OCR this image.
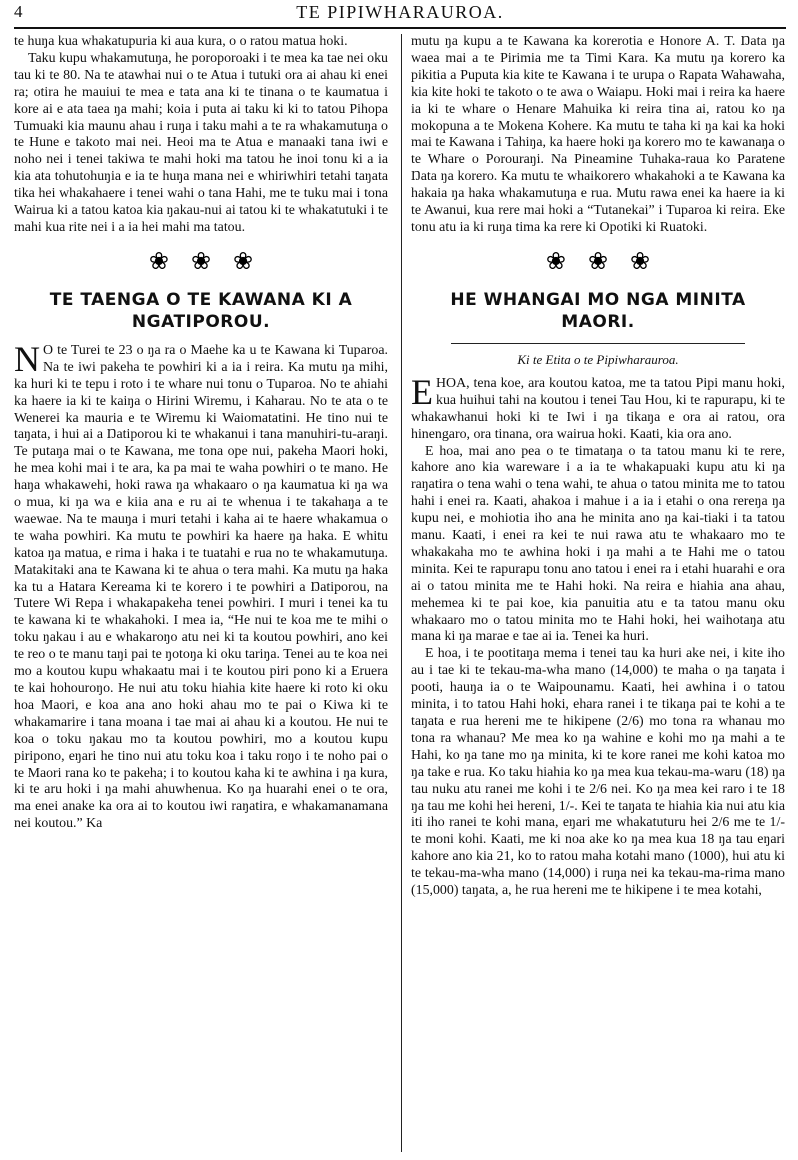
4	TE PIPIWHARAUROA.

te huŋa kua whakatupuria ki aua kura, o o ratou matua hoki.

Taku kupu whakamutuŋa, he poroporoaki i te mea ka tae nei oku tau ki te 80. Na te atawhai nui o te Atua i tutuki ora ai ahau ki enei ra; otira he mauiui te mea e tata ana ki te tinana o te kaumatua i kore ai e ata taea ŋa mahi; koia i puta ai taku ki ki to tatou Pihopa Tumuaki kia maunu ahau i ruŋa i taku mahi a te ra whakamutuŋa o te Hune e takoto mai nei. Heoi ma te Atua e manaaki tana iwi e noho nei i tenei takiwa te mahi hoki ma tatou he inoi tonu ki a ia kia ata tohutohuŋia e ia te huŋa mana nei e whiriwhiri tetahi taŋata tika hei whakahaere i tenei wahi o tana Hahi, me te tuku mai i tona Wairua ki a tatou katoa kia ŋakau-nui ai tatou ki te whakatutuki i te mahi kua rite nei i a ia hei mahi ma tatou.

❀❀❀
TE TAENGA O TE KAWANA KI A NGATIPOROU.

N O te Turei te 23 o ŋa ra o Maehe ka u te Kawana ki Tuparoa. Na te iwi pakeha te powhiri ki a ia i reira. Ka mutu ŋa mihi, ka huri ki te tepu i roto i te whare nui tonu o Tuparoa. No te ahiahi ka haere ia ki te kaiŋa o Hirini Wiremu, i Kaharau. No te ata o te Wenerei ka mauria e te Wiremu ki Waiomatatini. He tino nui te taŋata, i hui ai a Ŋatiporou ki te whakanui i tana manuhiri-tu-araŋi. Te putaŋa mai o te Kawana, me tona ope nui, pakeha Maori hoki, he mea kohi mai i te ara, ka pa mai te waha powhiri o te mano. He haŋa whakawehi, hoki rawa ŋa whakaaro o ŋa kaumatua ki ŋa wa o mua, ki ŋa wa e kiia ana e ru ai te whenua i te takahaŋa a te waewae. Na te mauŋa i muri tetahi i kaha ai te haere whakamua o te waha powhiri. Ka mutu te powhiri ka haere ŋa haka. E whitu katoa ŋa matua, e rima i haka i te tuatahi e rua no te whakamutuŋa. Matakitaki ana te Kawana ki te ahua o tera mahi. Ka mutu ŋa haka ka tu a Hatara Kereama ki te korero i te powhiri a Ŋatiporou, na Tutere Wi Repa i whakapakeha tenei powhiri. I muri i tenei ka tu te kawana ki te whakahoki. I mea ia, “He nui te koa me te mihi o toku ŋakau i au e whakaroŋo atu nei ki ta koutou powhiri, ano kei te reo o te manu taŋi pai te ŋotoŋa ki oku tariŋa. Tenei au te koa nei mo a koutou kupu whakaatu mai i te koutou piri pono ki a Eruera te kai hohouroŋo. He nui atu toku hiahia kite haere ki roto ki oku hoa Maori, e koa ana ano hoki ahau mo te pai o Kiwa ki te whakamarire i tana moana i tae mai ai ahau ki a koutou. He nui te koa o toku ŋakau mo ta koutou powhiri, mo a koutou kupu piripono, eŋari he tino nui atu toku koa i taku roŋo i te noho pai o te Maori rana ko te pakeha; i to koutou kaha ki te awhina i ŋa kura, ki te aru hoki i ŋa mahi ahuwhenua. Ko ŋa huarahi enei o te ora, ma enei anake ka ora ai to koutou iwi raŋatira, e whakamanamana nei koutou.” Ka

mutu ŋa kupu a te Kawana ka korerotia e Honore A. T. Ŋata ŋa waea mai a te Pirimia me ta Timi Kara. Ka mutu ŋa korero ka pikitia a Puputa kia kite te Kawana i te urupa o Rapata Wahawaha, kia kite hoki te takoto o te awa o Waiapu. Hoki mai i reira ka haere ia ki te whare o Henare Mahuika ki reira tina ai, ratou ko ŋa mokopuna a te Mokena Kohere. Ka mutu te taha ki ŋa kai ka hoki mai te Kawana i Tahiŋa, ka haere hoki ŋa korero mo te kawanaŋa o te Whare o Porouraŋi. Na Pineamine Tuhaka-raua ko Paratene Ŋata ŋa korero. Ka mutu te whaikorero whakahoki a te Kawana ka hakaia ŋa haka whakamutuŋa e rua. Mutu rawa enei ka haere ia ki te Awanui, kua rere mai hoki a “Tutanekai” i Tuparoa ki reira. Eke tonu atu ia ki ruŋa tima ka rere ki Opotiki ki Ruatoki.

❀❀❀
HE WHANGAI MO NGA MINITA MAORI.
Ki te Etita o te Pipiwharauroa.

EHOA, tena koe, ara koutou katoa, me ta tatou Pipi manu hoki, kua huihui tahi na koutou i tenei Tau Hou, ki te rapurapu, ki te whakawhanui hoki ki te Iwi i ŋa tikaŋa e ora ai ratou, ora hinengaro, ora tinana, ora wairua hoki. Kaati, kia ora ano.

E hoa, mai ano pea o te timataŋa o ta tatou manu ki te rere, kahore ano kia wareware i a ia te whakapuaki kupu atu ki ŋa raŋatira o tena wahi o tena wahi, te ahua o tatou minita me to tatou hahi i enei ra. Kaati, ahakoa i mahue i a ia i etahi o ona rereŋa ŋa kupu nei, e mohiotia iho ana he minita ano ŋa kai-tiaki i ta tatou manu. Kaati, i enei ra kei te nui rawa atu te whakaaro mo te whakakaha mo te awhina hoki i ŋa mahi a te Hahi me o tatou minita. Kei te rapurapu tonu ano tatou i enei ra i etahi huarahi e ora ai o tatou minita me te Hahi hoki. Na reira e hiahia ana ahau, mehemea ki te pai koe, kia panuitia atu e ta tatou manu oku whakaaro mo o tatou minita mo te Hahi hoki, hei waihotaŋa atu mana ki ŋa marae e tae ai ia. Tenei ka huri.

E hoa, i te pootitaŋa mema i tenei tau ka huri ake nei, i kite iho au i tae ki te tekau-ma-wha mano (14,000) te maha o ŋa taŋata i pooti, hauŋa ia o te Waipounamu. Kaati, hei awhina i o tatou minita, i to tatou Hahi hoki, ehara ranei i te tikaŋa pai te kohi a te taŋata e rua hereni me te hikipene (2/6) mo tona ra whanau mo tona ra whanau? Me mea ko ŋa wahine e kohi mo ŋa mahi a te Hahi, ko ŋa tane mo ŋa minita, ki te kore ranei me kohi katoa mo ŋa take e rua. Ko taku hiahia ko ŋa mea kua tekau-ma-waru (18) ŋa tau nuku atu ranei me kohi i te 2/6 nei. Ko ŋa mea kei raro i te 18 ŋa tau me kohi hei hereni, 1/-. Kei te taŋata te hiahia kia nui atu kia iti iho ranei te kohi mana, eŋari me whakatuturu hei 2/6 me te 1/- te moni kohi. Kaati, me ki noa ake ko ŋa mea kua 18 ŋa tau eŋari kahore ano kia 21, ko to ratou maha kotahi mano (1000), hui atu ki te tekau-ma-wha mano (14,000) i ruŋa nei ka tekau-ma-rima mano (15,000) taŋata, a, he rua hereni me te hikipene i te mea kotahi,
